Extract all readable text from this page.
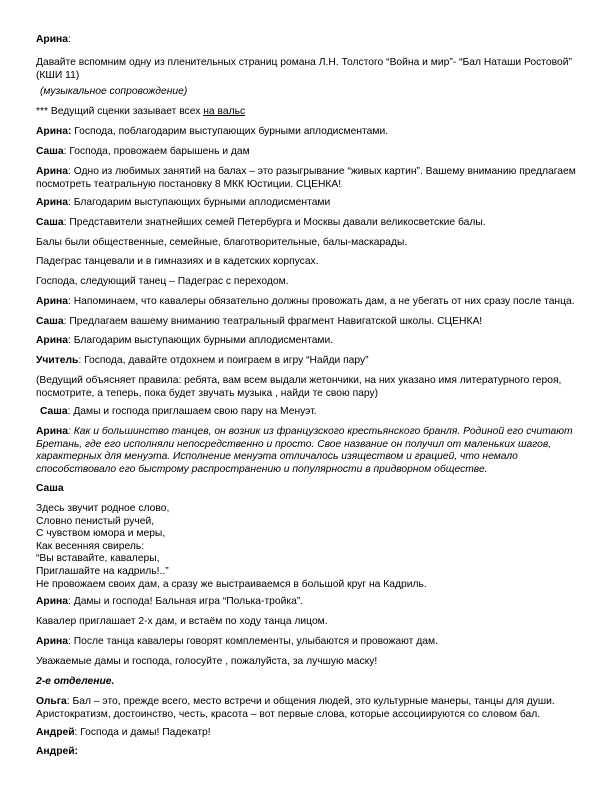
Арина:

Давайте вспомним одну из пленительных страниц романа Л.Н. Толстого “Война и мир”- “Бал Наташи Ростовой” (КШИ 11)

(музыкальное сопровождение)

*** Ведущий сценки зазывает всех на вальс

Арина: Господа, поблагодарим выступающих бурными аплодисментами.

Саша: Господа, провожаем барышень и дам

Арина: Одно из любимых занятий на балах – это разыгрывание “живых картин”. Вашему вниманию предлагаем посмотреть театральную постановку 8 МКК Юстиции. СЦЕНКА!

Арина: Благодарим выступающих бурными аплодисментами

Саша: Представители знатнейших семей Петербурга и Москвы давали великосветские балы.

Балы были общественные, семейные, благотворительные, балы-маскарады.

Падеграс танцевали и в гимназиях и в кадетских корпусах.

Господа, следующий танец – Падеграс с переходом.

Арина: Напоминаем, что кавалеры обязательно должны провожать дам, а не убегать от них сразу после танца.

Саша: Предлагаем вашему вниманию театральный фрагмент Навигатской школы. СЦЕНКА!

Арина: Благодарим выступающих бурными аплодисментами.

Учитель: Господа, давайте отдохнем и поиграем в игру “Найди пару”

(Ведущий объясняет правила: ребята, вам всем выдали жетончики, на них указано имя литературного героя, посмотрите, а теперь, пока будет звучать музыка , найди те свою пару)

Саша: Дамы и господа приглашаем свою пару на Менуэт.

Арина: Как и большинство танцев, он возник из французского крестьянского бранля. Родиной его считают Бретань, где его исполняли непосредственно и просто. Свое название он получил от маленьких шагов, характерных для менуэта. Исполнение менуэта отличалось изяществом и грацией, что немало способствовало его быстрому распространению и популярности в придворном обществе.

Саша

Здесь звучит родное слово,
Словно пенистый ручей,
С чувством юмора и меры,
Как весенняя свирель:
“Вы вставайте, кавалеры,
Приглашайте на кадриль!..”
Не провожаем своих дам, а сразу же выстраиваемся в большой круг на Кадриль.

Арина: Дамы и господа! Бальная игра “Полька-тройка”.

Кавалер приглашает 2-х дам, и встаём по ходу танца лицом.

Арина: После танца кавалеры говорят комплементы, улыбаются и провожают дам.

Уважаемые дамы и господа, голосуйте , пожалуйста, за лучшую маску!

2-е отделение.

Ольга: Бал – это, прежде всего, место встречи и общения людей, это культурные манеры, танцы для души. Аристократизм, достоинство, честь, красота – вот первые слова, которые ассоциируются со словом бал.

Андрей: Господа и дамы! Падекатр!

Андрей:
